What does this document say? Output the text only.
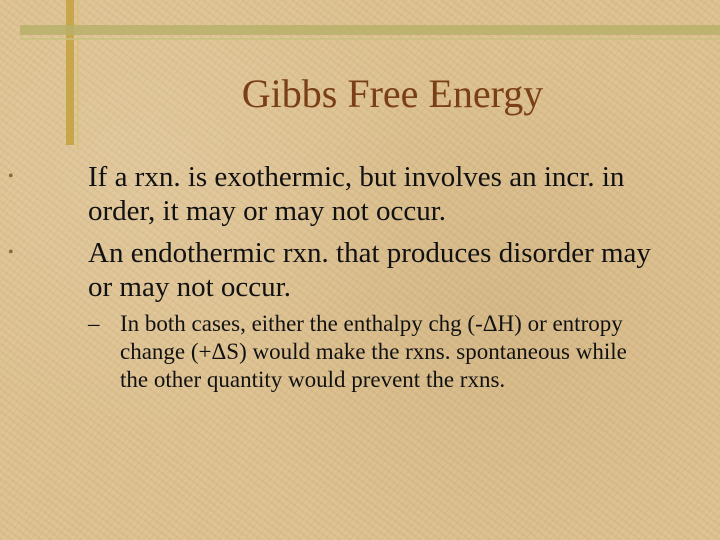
Gibbs Free Energy
•	If a rxn. is exothermic, but involves an incr. in order, it may or may not occur.
•	An endothermic rxn. that produces disorder may or may not occur.
– In both cases, either the enthalpy chg (-ΔH) or entropy change (+ΔS) would make the rxns. spontaneous while the other quantity would prevent the rxns.
